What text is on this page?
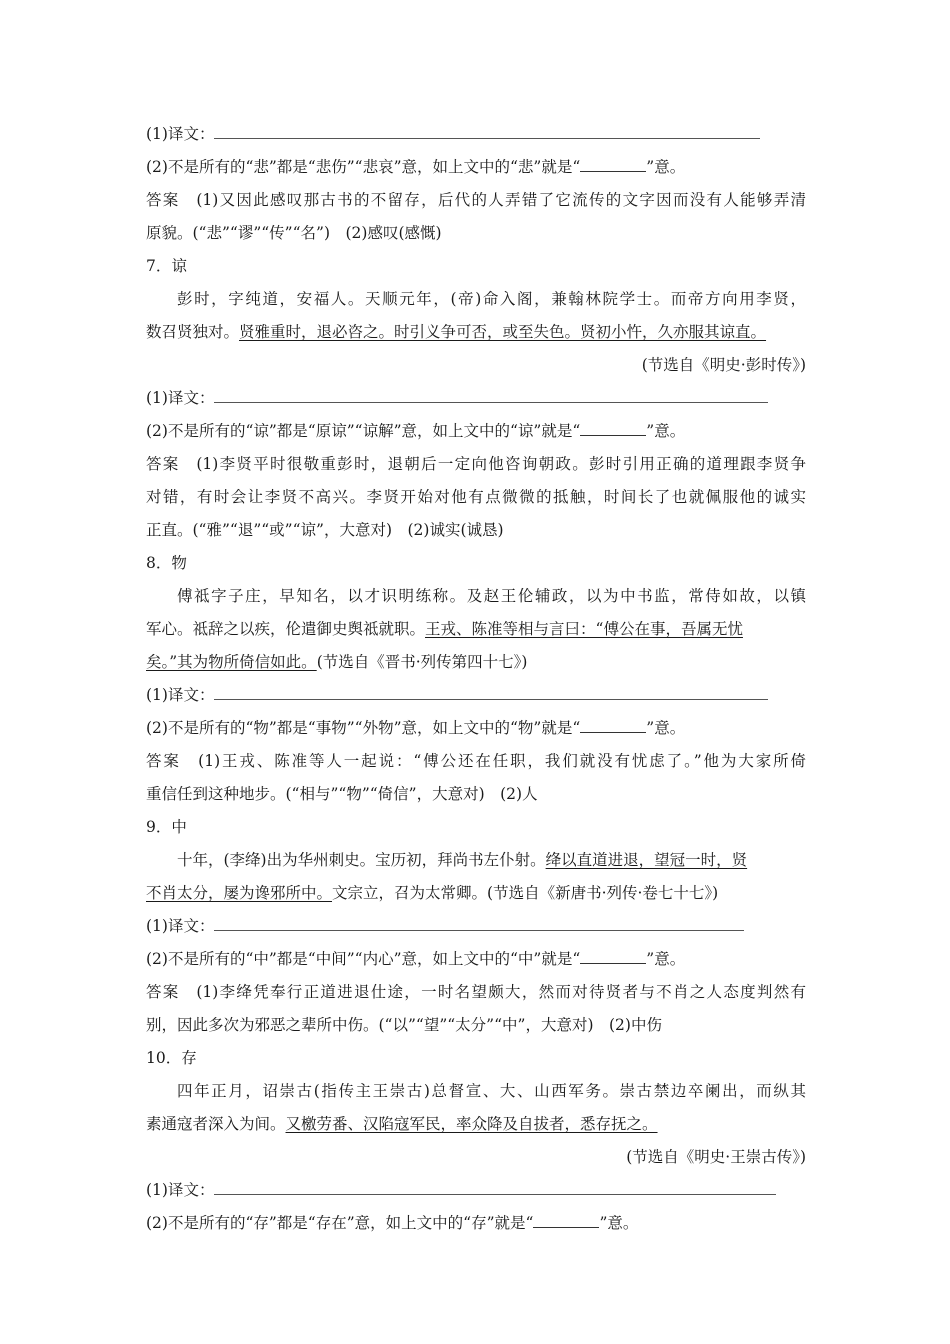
(1)译文：
(2)不是所有的“悲”都是“悲伤”“悲哀”意，如上文中的“悲”就是“	”意。
答案　(1)又因此感叹那古书的不留存，后代的人弄错了它流传的文字因而没有人能够弄清
原貌。(“悲”“谬”“传”“名”)　(2)感叹(感慨)
7．谅
彭时，字纯道，安福人。天顺元年，(帝)命入阁，兼翰林院学士。而帝方向用李贤，
数召贤独对。贤雅重时，退必咨之。时引义争可否，或至失色。贤初小忤，久亦服其谅直。
(节选自《明史·彭时传》)
(1)译文：
(2)不是所有的“谅”都是“原谅”“谅解”意，如上文中的“谅”就是“	”意。
答案　(1)李贤平时很敬重彭时，退朝后一定向他咨询朝政。彭时引用正确的道理跟李贤争
对错，有时会让李贤不高兴。李贤开始对他有点微微的抵触，时间长了也就佩服他的诚实
正直。(“雅”“退”“或”“谅”，大意对)　(2)诚实(诚恳)
8．物
傅祗字子庄，早知名，以才识明练称。及赵王伦辅政，以为中书监，常侍如故，以镇
军心。祗辞之以疾，伦遣御史舆祗就职。王戎、陈准等相与言曰：“傅公在事，吾属无忧
矣。”其为物所倚信如此。(节选自《晋书·列传第四十七》)
(1)译文：
(2)不是所有的“物”都是“事物”“外物”意，如上文中的“物”就是“	”意。
答案　(1)王戎、陈准等人一起说：“傅公还在任职，我们就没有忧虑了。”他为大家所倚
重信任到这种地步。(“相与”“物”“倚信”，大意对)　(2)人
9．中
十年，(李绛)出为华州刺史。宝历初，拜尚书左仆射。绛以直道进退，望冠一时，贤
不肖太分，屡为谗邪所中。文宗立，召为太常卿。(节选自《新唐书·列传·卷七十七》)
(1)译文：
(2)不是所有的“中”都是“中间”“内心”意，如上文中的“中”就是“	”意。
答案　(1)李绛凭奉行正道进退仕途，一时名望颇大，然而对待贤者与不肖之人态度判然有
别，因此多次为邪恶之辈所中伤。(“以”“望”“太分”“中”，大意对)　(2)中伤
10．存
四年正月，诏崇古(指传主王崇古)总督宣、大、山西军务。崇古禁边卒阑出，而纵其
素通寇者深入为间。又檄劳番、汉陷寇军民，率众降及自拔者，悉存抚之。
(节选自《明史·王崇古传》)
(1)译文：
(2)不是所有的“存”都是“存在”意，如上文中的“存”就是“	”意。
